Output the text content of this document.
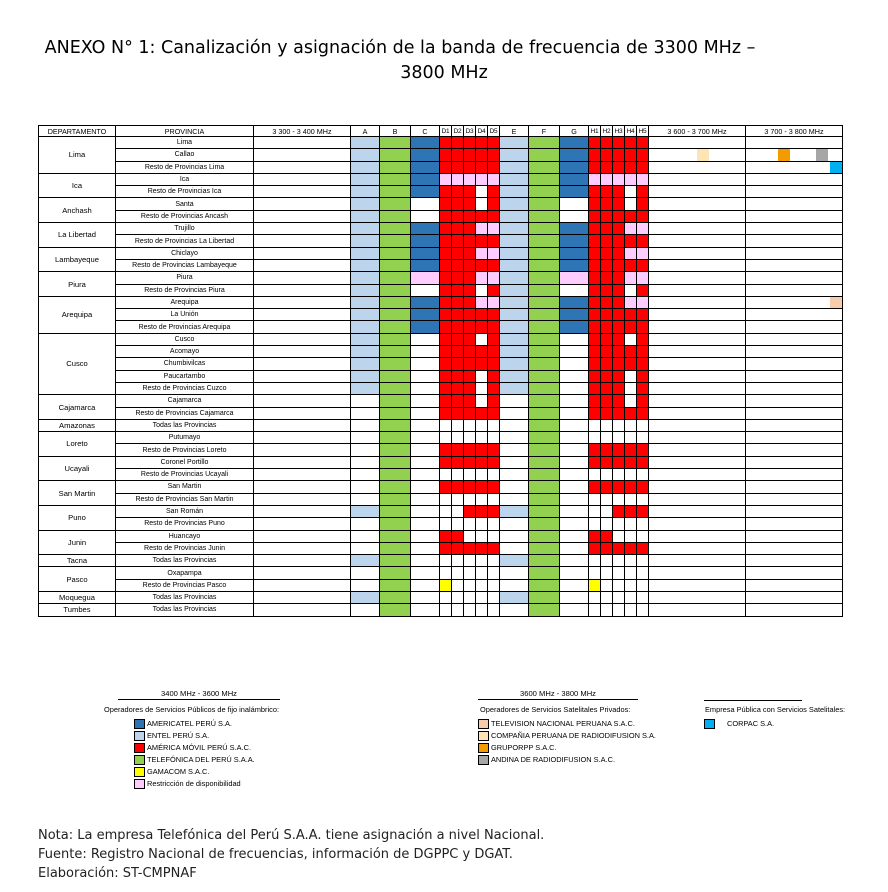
ANEXO N° 1: Canalización y asignación de la banda de frecuencia de 3300 MHz –
3800 MHz
DEPARTAMENTO	PROVINCIA	3 300 - 3 400 MHz	A	B	C	D1	D2	D3	D4	D5	E	F	G	H1	H2	H3	H4	H5	3 600 - 3 700 MHz	3 700 - 3 800 MHz
Lima	Lima																			
	Callao																		

	Resto de Provincias Lima																			

Ica	Ica																			
	Resto de Provincias Ica																			
Anchash	Santa																			
	Resto de Provincias Ancash																			
La Libertad	Trujillo																			
	Resto de Provincias La Libertad																			
Lambayeque	Chiclayo																			
	Resto de Provincias Lambayeque																			
Piura	Piura																			
	Resto de Provincias Piura																			
Arequipa	Arequipa																			

	La Unión																			
	Resto de Provincias Arequipa																			
Cusco	Cusco																			
	Acomayo																			
	Chumbivilcas																			
	Paucartambo																			
	Resto de Provincias Cuzco																			
Cajamarca	Cajamarca																			
	Resto de Provincias Cajamarca																			
Amazonas	Todas las Provincias																			
Loreto	Putumayo																			
	Resto de Provincias Loreto																			
Ucayali	Coronel Portillo																			
	Resto de Provincias Ucayali																			
San Martin	San Martin																			
	Resto de Provincias San Martin																			
Puno	San Román																			
	Resto de Provincias Puno																			
Junin	Huancayo																			
	Resto de Provincias Junin																			
Tacna	Todas las Provincias																			
Pasco	Oxapampa																			
	Resto de Provincias Pasco																			
Moquegua	Todas las Provincias																			
Tumbes	Todas las Provincias																			
3400 MHz - 3600 MHz
Operadores de Servicios Públicos de fijo inalámbrico:
AMERICATEL PERÚ S.A.
ENTEL PERÚ S.A.
AMÉRICA MÓVIL PERÚ S.A.C.
TELEFÓNICA DEL PERÚ S.A.A.
GAMACOM S.A.C.
Restricción de disponibilidad
3600 MHz - 3800 MHz
Operadores de Servicios Satelitales Privados:
TELEVISION NACIONAL PERUANA S.A.C.
COMPAÑIA PERUANA DE RADIODIFUSION S.A.
GRUPORPP S.A.C.
ANDINA DE RADIODIFUSION S.A.C.
Empresa Pública con Servicios Satelitales:
CORPAC S.A.
Nota: La empresa Telefónica del Perú S.A.A. tiene asignación a nivel Nacional.
Fuente: Registro Nacional de frecuencias, información de DGPPC y DGAT.
Elaboración: ST-CMPNAF
